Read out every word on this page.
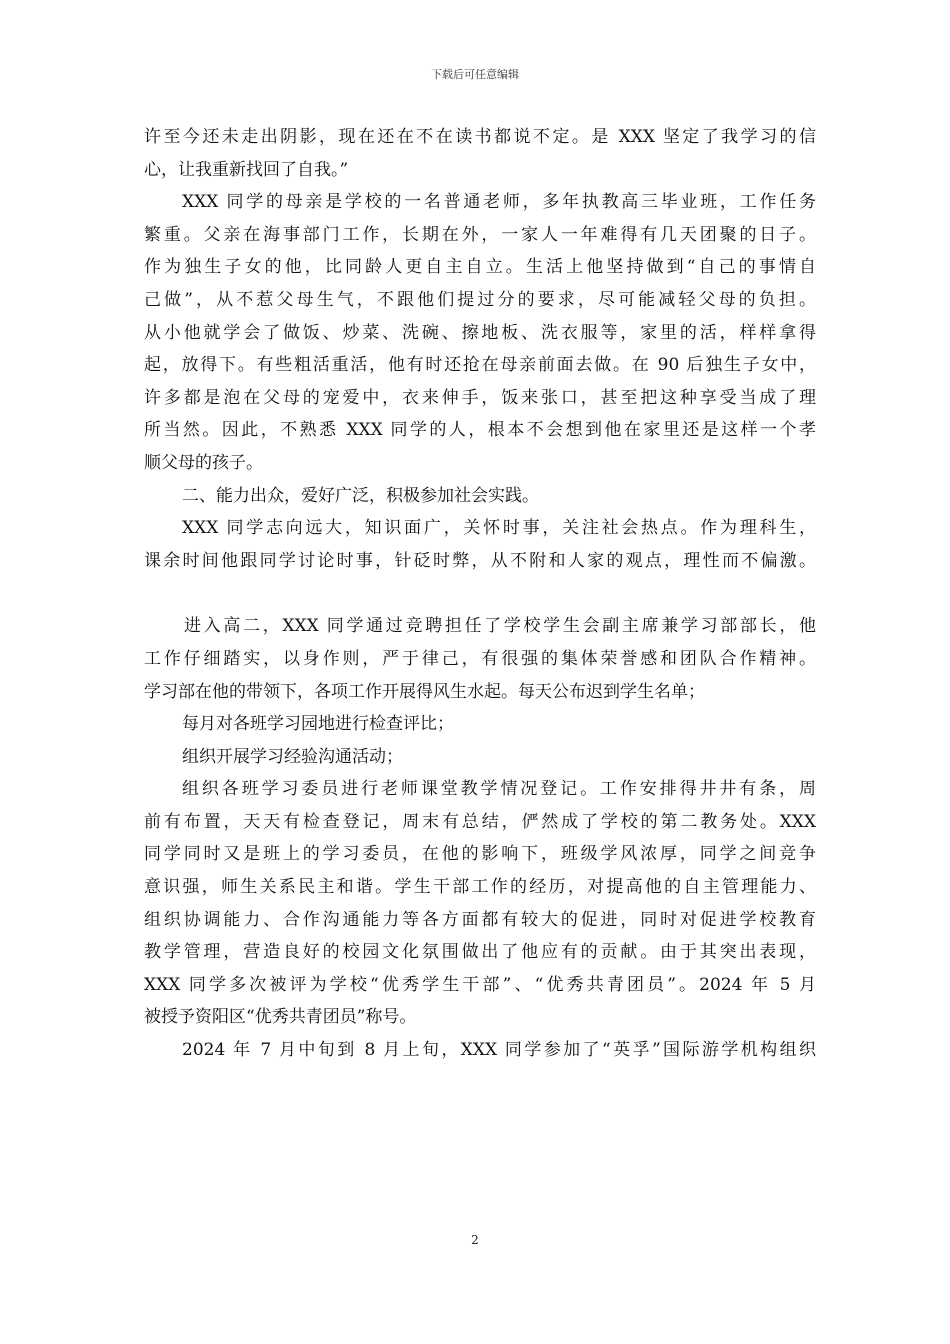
下载后可任意编辑
许至今还未走出阴影，现在还在不在读书都说不定。是 XXX 坚定了我学习的信
心，让我重新找回了自我。”
XXX 同学的母亲是学校的一名普通老师，多年执教高三毕业班，工作任务
繁重。父亲在海事部门工作，长期在外，一家人一年难得有几天团聚的日子。
作为独生子女的他，比同龄人更自主自立。生活上他坚持做到“自己的事情自
己做”，从不惹父母生气，不跟他们提过分的要求，尽可能减轻父母的负担。
从小他就学会了做饭、炒菜、洗碗、擦地板、洗衣服等，家里的活，样样拿得
起，放得下。有些粗活重活，他有时还抢在母亲前面去做。在 90 后独生子女中，
许多都是泡在父母的宠爱中，衣来伸手，饭来张口，甚至把这种享受当成了理
所当然。因此，不熟悉 XXX 同学的人，根本不会想到他在家里还是这样一个孝
顺父母的孩子。
二、能力出众，爱好广泛，积极参加社会实践。
XXX 同学志向远大，知识面广，关怀时事，关注社会热点。作为理科生，
课余时间他跟同学讨论时事，针砭时弊，从不附和人家的观点，理性而不偏激。
进入高二，XXX 同学通过竞聘担任了学校学生会副主席兼学习部部长，他
工作仔细踏实，以身作则，严于律己，有很强的集体荣誉感和团队合作精神。
学习部在他的带领下，各项工作开展得风生水起。每天公布迟到学生名单；
每月对各班学习园地进行检查评比；
组织开展学习经验沟通活动；
组织各班学习委员进行老师课堂教学情况登记。工作安排得井井有条，周
前有布置，天天有检查登记，周末有总结，俨然成了学校的第二教务处。XXX
同学同时又是班上的学习委员，在他的影响下，班级学风浓厚，同学之间竞争
意识强，师生关系民主和谐。学生干部工作的经历，对提高他的自主管理能力、
组织协调能力、合作沟通能力等各方面都有较大的促进，同时对促进学校教育
教学管理，营造良好的校园文化氛围做出了他应有的贡献。由于其突出表现，
XXX 同学多次被评为学校“优秀学生干部”、“优秀共青团员”。2024 年 5 月
被授予资阳区“优秀共青团员”称号。
2024 年 7 月中旬到 8 月上旬，XXX 同学参加了“英孚”国际游学机构组织
2
